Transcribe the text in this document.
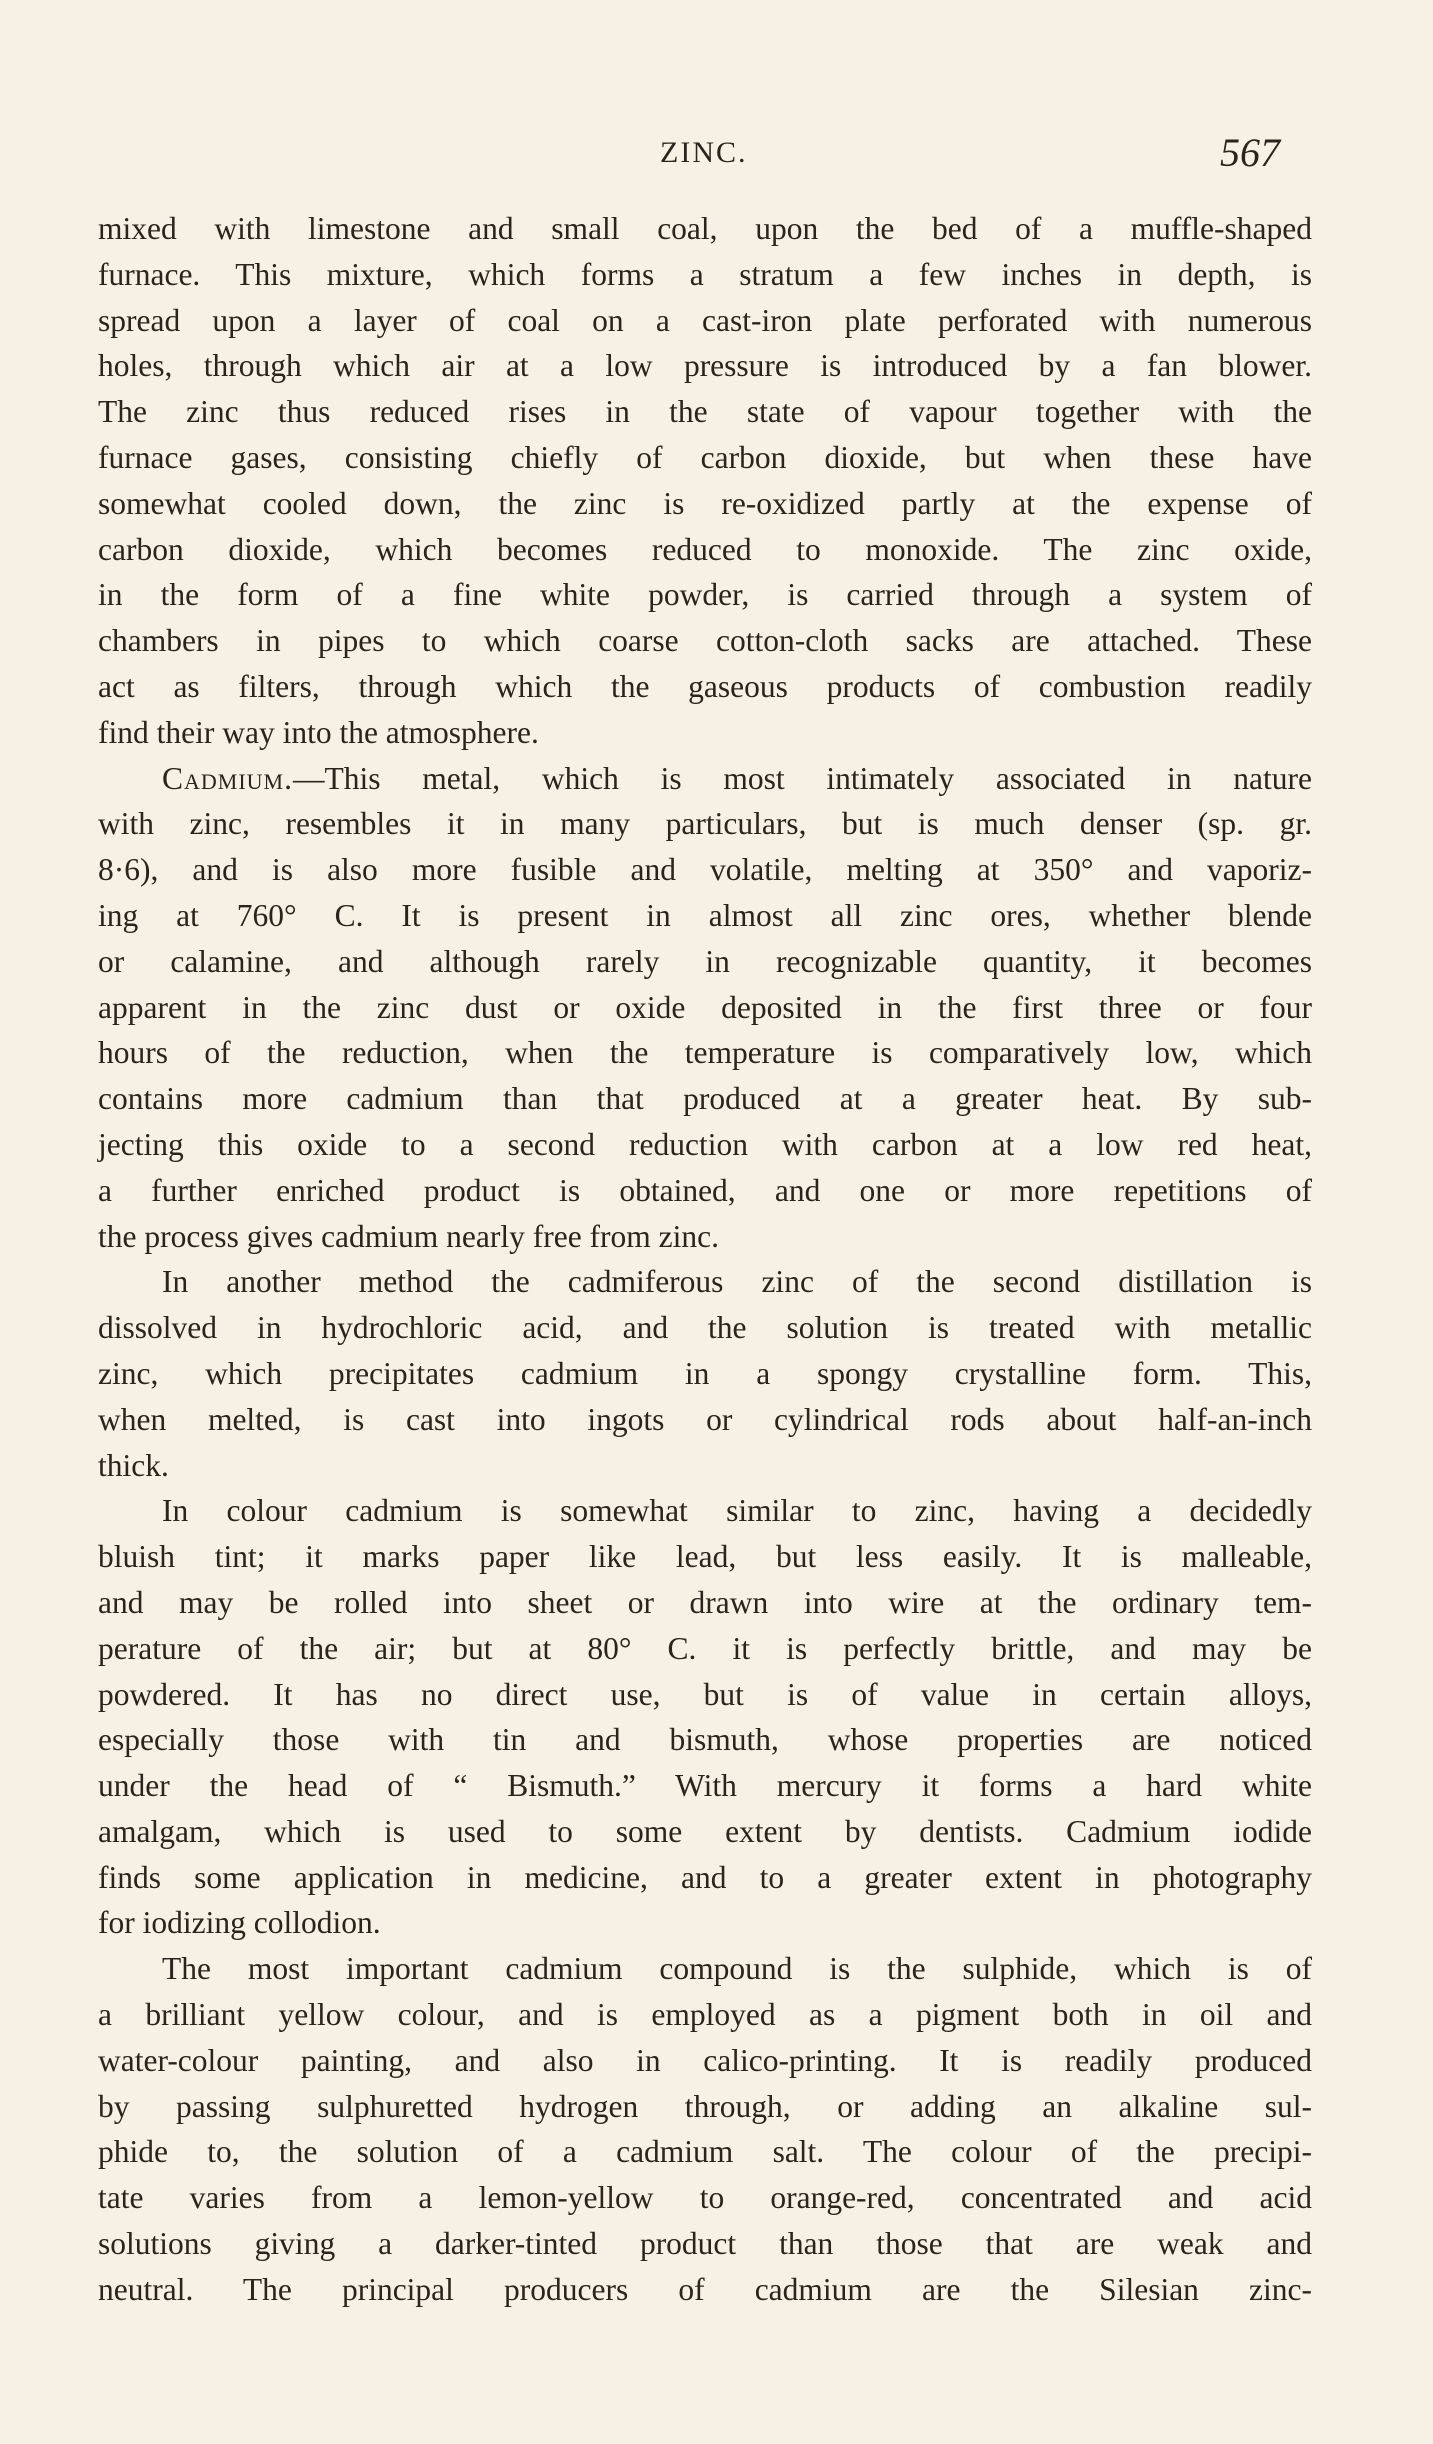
ZINC.	567
mixed with limestone and small coal, upon the bed of a muffle-shaped
furnace. This mixture, which forms a stratum a few inches in depth, is
spread upon a layer of coal on a cast-iron plate perforated with numerous
holes, through which air at a low pressure is introduced by a fan blower.
The zinc thus reduced rises in the state of vapour together with the
furnace gases, consisting chiefly of carbon dioxide, but when these have
somewhat cooled down, the zinc is re-oxidized partly at the expense of
carbon dioxide, which becomes reduced to monoxide. The zinc oxide,
in the form of a fine white powder, is carried through a system of
chambers in pipes to which coarse cotton-cloth sacks are attached. These
act as filters, through which the gaseous products of combustion readily
find their way into the atmosphere.
Cadmium.—This metal, which is most intimately associated in nature
with zinc, resembles it in many particulars, but is much denser (sp. gr.
8·6), and is also more fusible and volatile, melting at 350° and vaporiz-
ing at 760° C. It is present in almost all zinc ores, whether blende
or calamine, and although rarely in recognizable quantity, it becomes
apparent in the zinc dust or oxide deposited in the first three or four
hours of the reduction, when the temperature is comparatively low, which
contains more cadmium than that produced at a greater heat. By sub-
jecting this oxide to a second reduction with carbon at a low red heat,
a further enriched product is obtained, and one or more repetitions of
the process gives cadmium nearly free from zinc.
In another method the cadmiferous zinc of the second distillation is
dissolved in hydrochloric acid, and the solution is treated with metallic
zinc, which precipitates cadmium in a spongy crystalline form. This,
when melted, is cast into ingots or cylindrical rods about half-an-inch
thick.
In colour cadmium is somewhat similar to zinc, having a decidedly
bluish tint; it marks paper like lead, but less easily. It is malleable,
and may be rolled into sheet or drawn into wire at the ordinary tem-
perature of the air; but at 80° C. it is perfectly brittle, and may be
powdered. It has no direct use, but is of value in certain alloys,
especially those with tin and bismuth, whose properties are noticed
under the head of “ Bismuth.” With mercury it forms a hard white
amalgam, which is used to some extent by dentists. Cadmium iodide
finds some application in medicine, and to a greater extent in photography
for iodizing collodion.
The most important cadmium compound is the sulphide, which is of
a brilliant yellow colour, and is employed as a pigment both in oil and
water-colour painting, and also in calico-printing. It is readily produced
by passing sulphuretted hydrogen through, or adding an alkaline sul-
phide to, the solution of a cadmium salt. The colour of the precipi-
tate varies from a lemon-yellow to orange-red, concentrated and acid
solutions giving a darker-tinted product than those that are weak and
neutral. The principal producers of cadmium are the Silesian zinc-
